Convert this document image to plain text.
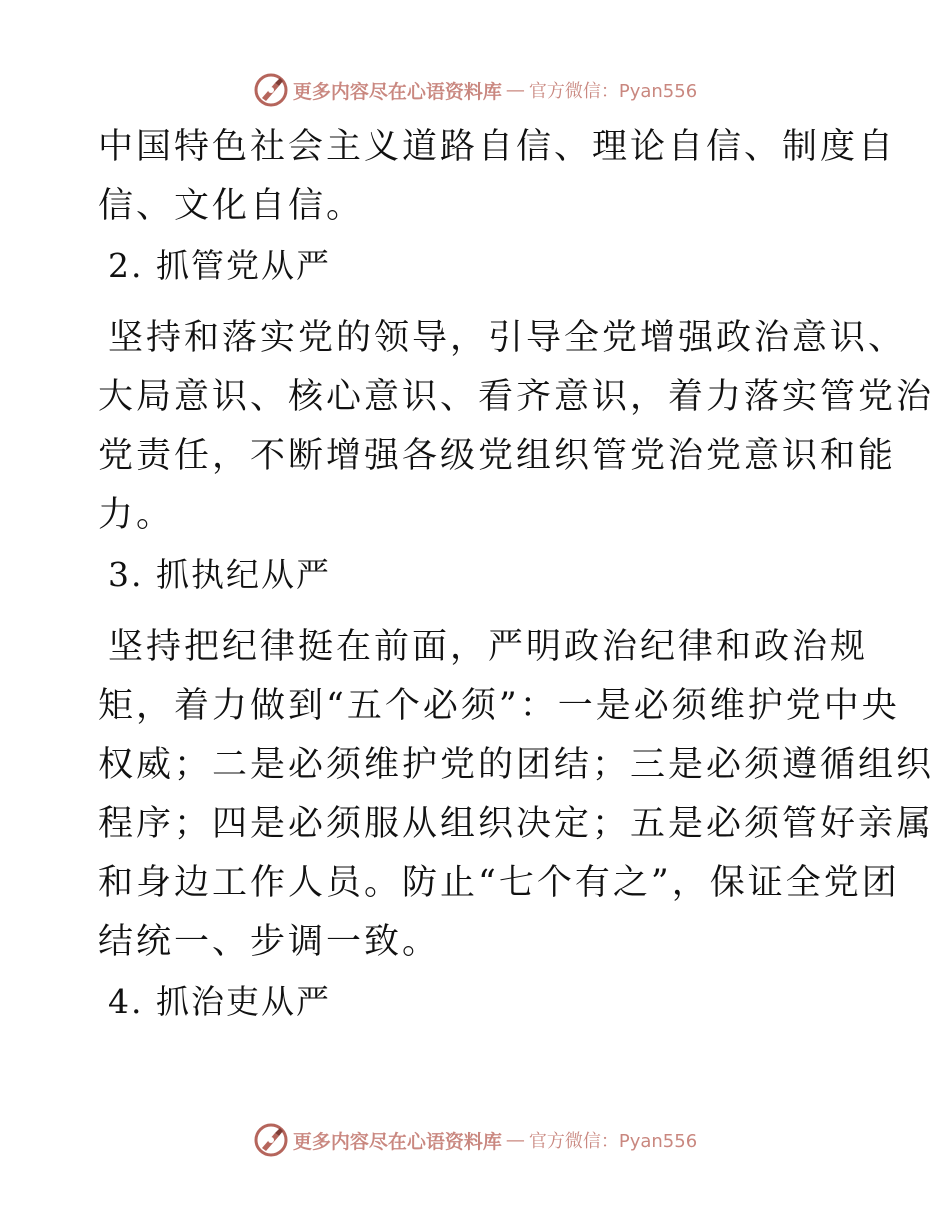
更多内容尽在心语资料库 — 官方微信：Pyan556

中国特色社会主义道路自信、理论自信、制度自
信、文化自信。

2. 抓管党从严

坚持和落实党的领导，引导全党增强政治意识、
大局意识、核心意识、看齐意识，着力落实管党治
党责任，不断增强各级党组织管党治党意识和能
力。

3. 抓执纪从严

坚持把纪律挺在前面，严明政治纪律和政治规
矩，着力做到“五个必须”：一是必须维护党中央
权威；二是必须维护党的团结；三是必须遵循组织
程序；四是必须服从组织决定；五是必须管好亲属
和身边工作人员。防止“七个有之”，保证全党团
结统一、步调一致。

4. 抓治吏从严

更多内容尽在心语资料库 — 官方微信：Pyan556
